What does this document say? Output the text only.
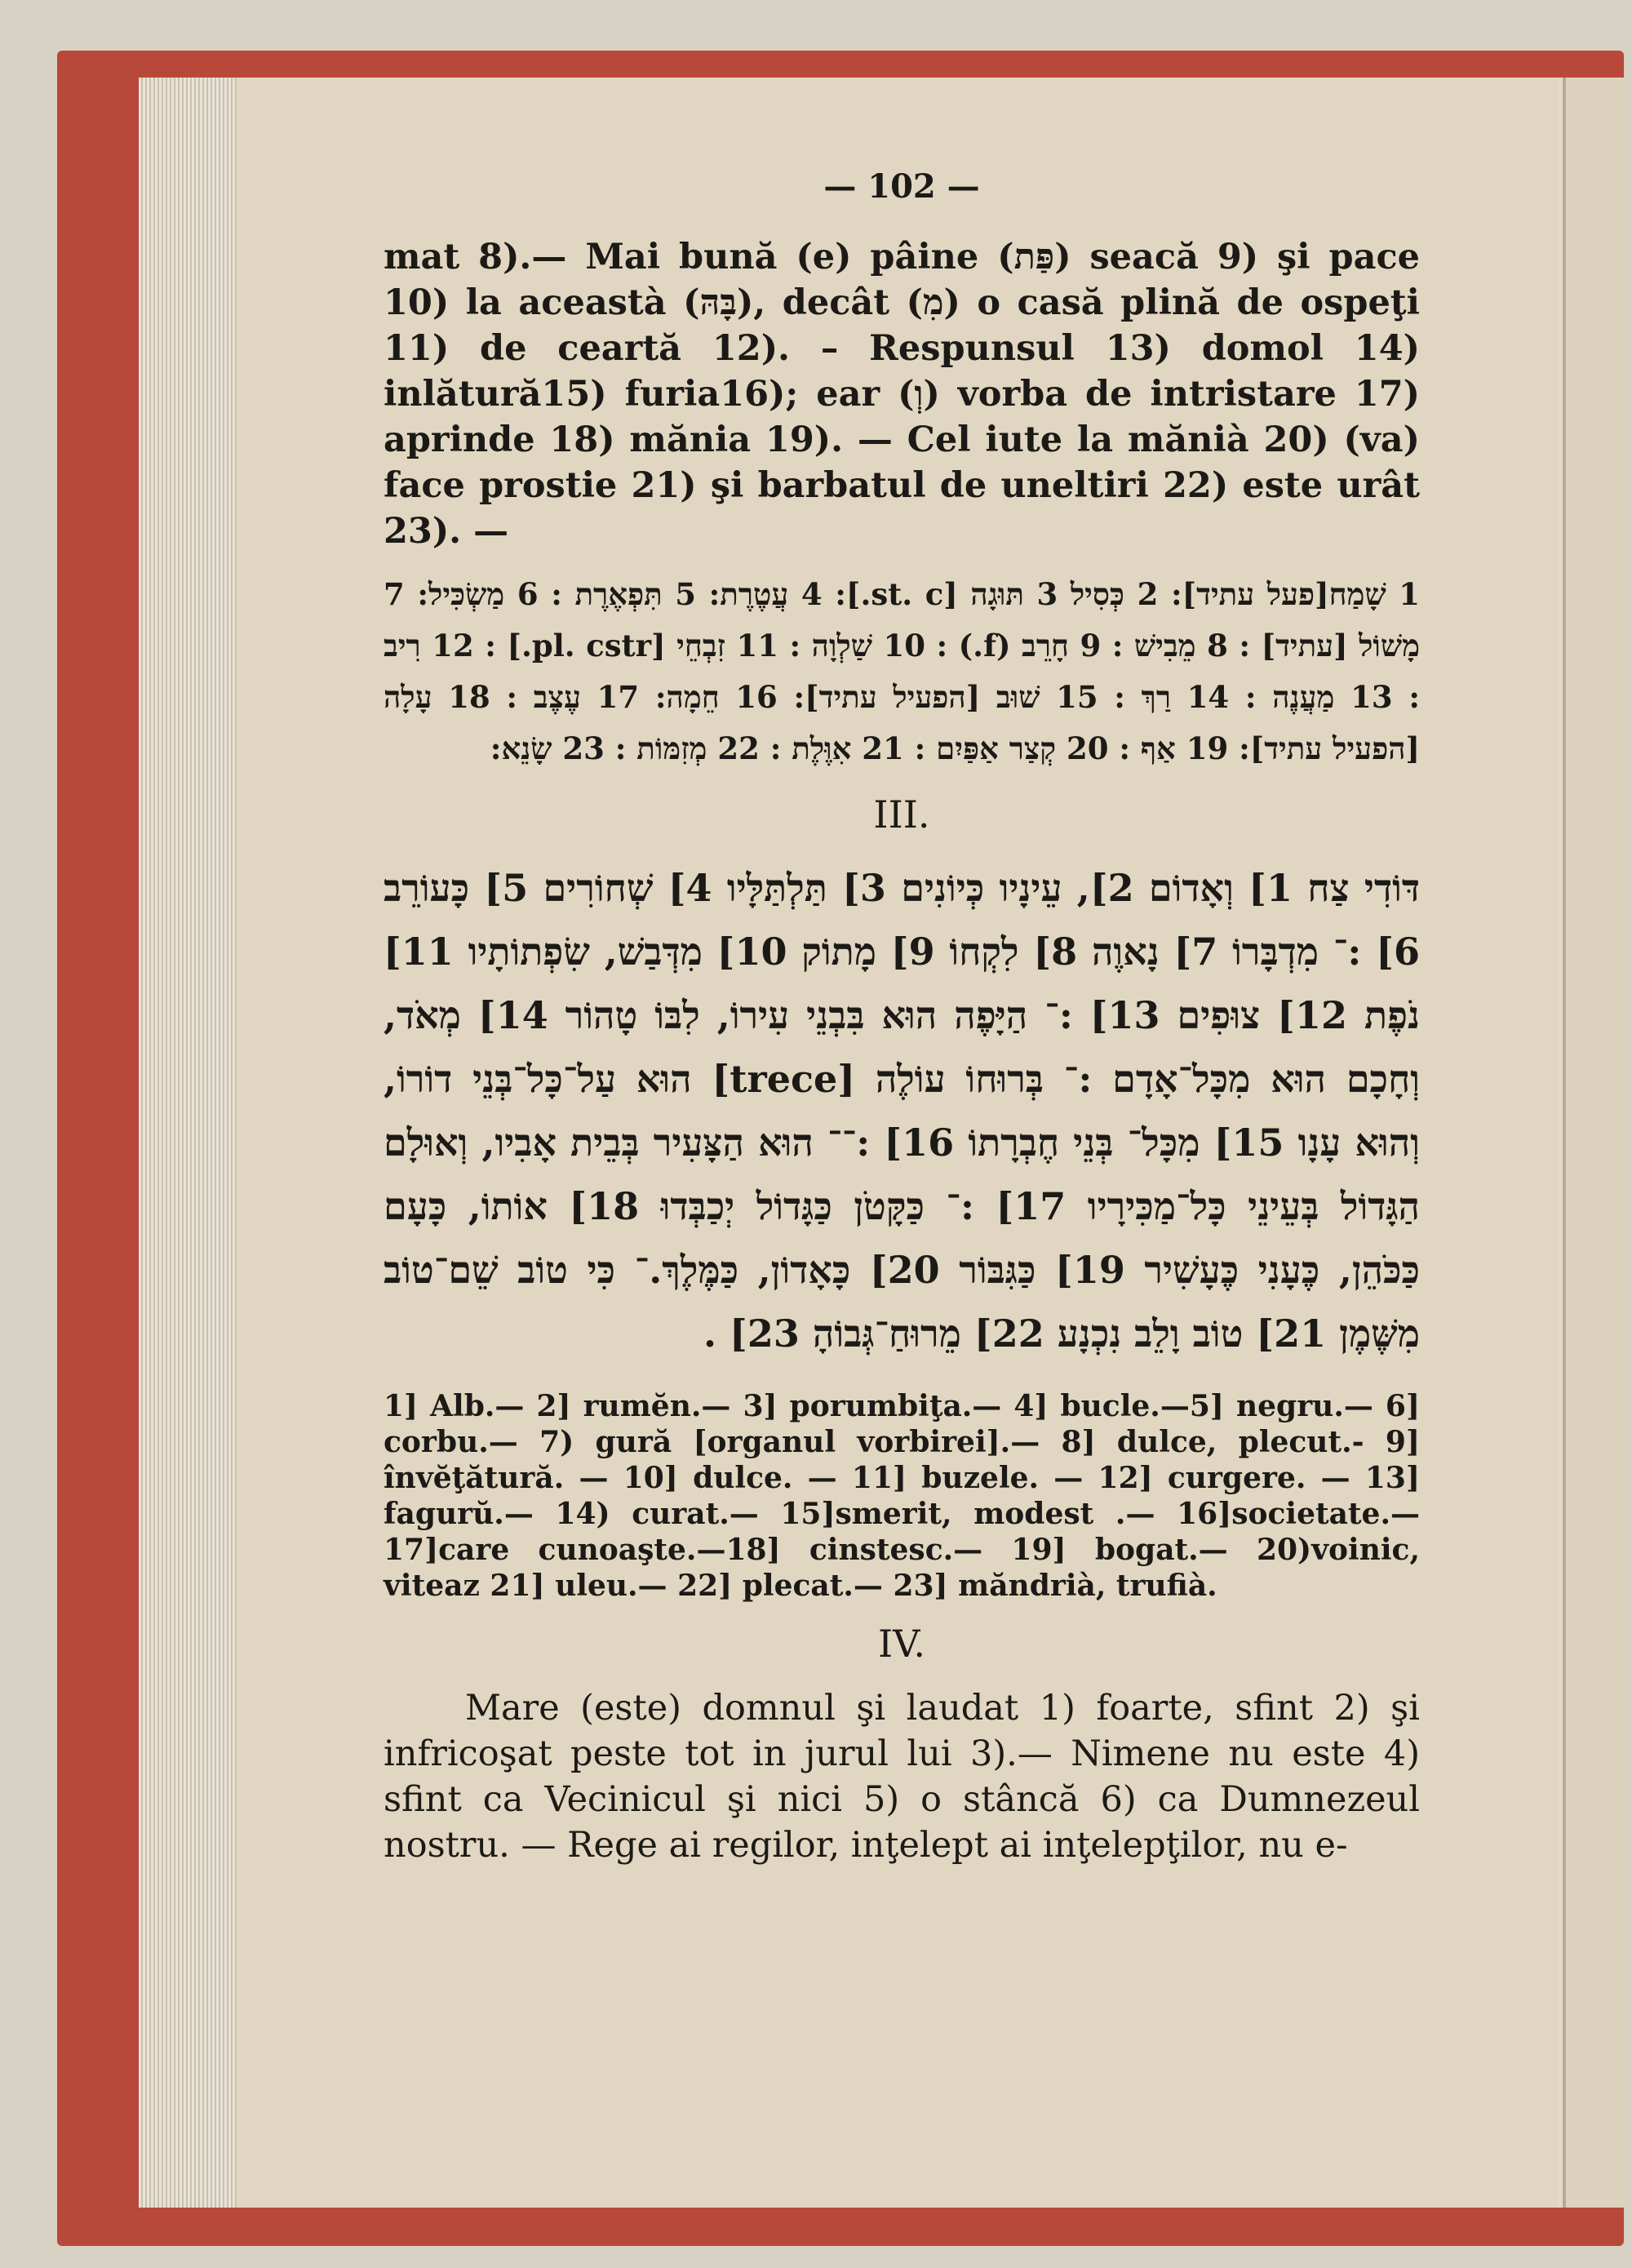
— 102 —

mat 8).— Mai bună (e) pâine (פַּת) seacă 9) şi pace 10) la aceastà (בָּהּ), decât (מִ) o casă plină de ospeţi 11) de ceartă 12). – Respunsul 13) domol 14) inlătură15) furia16); ear (וְ) vorba de intristare 17) aprinde 18) mănia 19). — Cel iute la mănià 20) (va) face prostie 21) şi barbatul de uneltiri 22) este urât 23). —

1 שָׁמַח[פעל עתיד]: 2 כְּסִיל 3 תּוּגָה [st. c.]: 4 עֲטֶרֶת: 5 תִּפְאֶרֶת : 6 מַשְׂכִּיל: 7 מָשׁוֹל [עתיד] : 8 מֵבִישׁ : 9 חָרֵב (f.) : 10 שַׁלְוָה : 11 זִבְחֵי [pl. cstr.] : 12 רִיב : 13 מַעֲנֶה : 14 רַךְ : 15 שׁוּב [הפעיל עתיד]: 16 חֵמָה: 17 עֶצֶב : 18 עָלָה [הפעיל עתיד]: 19 אַף : 20 קְצַר אַפַּיִם : 21 אִוֶּלֶת : 22 מְזִמּוֹת : 23 שָׂנֵא:

III.

דּוֹדִי צַח 1] וְאָדוֹם 2], עֵינָיו כְּיוֹנִים 3] תַּלְתַּלָּיו 4] שְׁחוֹרִים 5] כָּעוֹרֵב 6] :־ מִדְבָּרוֹ 7] נָאוֶה 8] לִקְחוֹ 9] מָתוֹק 10] מִדְּבַשׁ, שִׂפְתוֹתָיו 11] נֹפֶת 12] צוּפִים 13] :־ הַיָּפֶה הוּא בִּבְנֵי עִירוֹ, לִבּוֹ טָהוֹר 14] מְאֹד, וְחָכָם הוּא מִכָּל־אָדָם :־ בְּרוּחוֹ עוֹלֶה [trece] הוּא עַל־כָּל־בְּנֵי דוֹרוֹ, וְהוּא עָנָו 15] מִכָּל־ בְּנֵי חֶבְרָתוֹ 16] :־־ הוּא הַצָּעִיר בְּבֵית אָבִיו, וְאוּלָם הַגָּדוֹל בְּעֵינֵי כָּל־מַכִּירָיו 17] :־ כַּקָּטֹן כַּגָּדוֹל יְכַבְּדוּ 18] אוֹתוֹ, כָּעָם כַּכֹּהֵן, כֶּעָנִי כֶּעָשִׁיר 19] כַּגִּבּוֹר 20] כָּאָדוֹן, כַּמֶּלֶךְ.־ כִּי טוֹב שֵׁם־טוֹב מִשֶּׁמֶן 21] טוֹב וָלֵב נִכְנָע 22] מֵרוּחַ־גְּבוֹהָ 23] .

1] Alb.— 2] rumĕn.— 3] porumbiţa.— 4] bucle.—5] negru.— 6] corbu.— 7) gură [organul vorbirei].— 8] dulce, plecut.- 9] învĕţătură. — 10] dulce. — 11] buzele. — 12] curgere. — 13] fagurŭ.— 14) curat.— 15]smerit, modest .— 16]societate.— 17]care cunoaşte.—18] cinstesc.— 19] bogat.— 20)voinic, viteaz 21] uleu.— 22] plecat.— 23] măndrià, trufià.

IV.

Mare (este) domnul şi laudat 1) foarte, sfint 2) şi infricoşat peste tot in jurul lui 3).— Nimene nu este 4) sfint ca Vecinicul şi nici 5) o stâncă 6) ca Dumnezeul nostru. — Rege ai regilor, inţelept ai inţelepţilor, nu e-
